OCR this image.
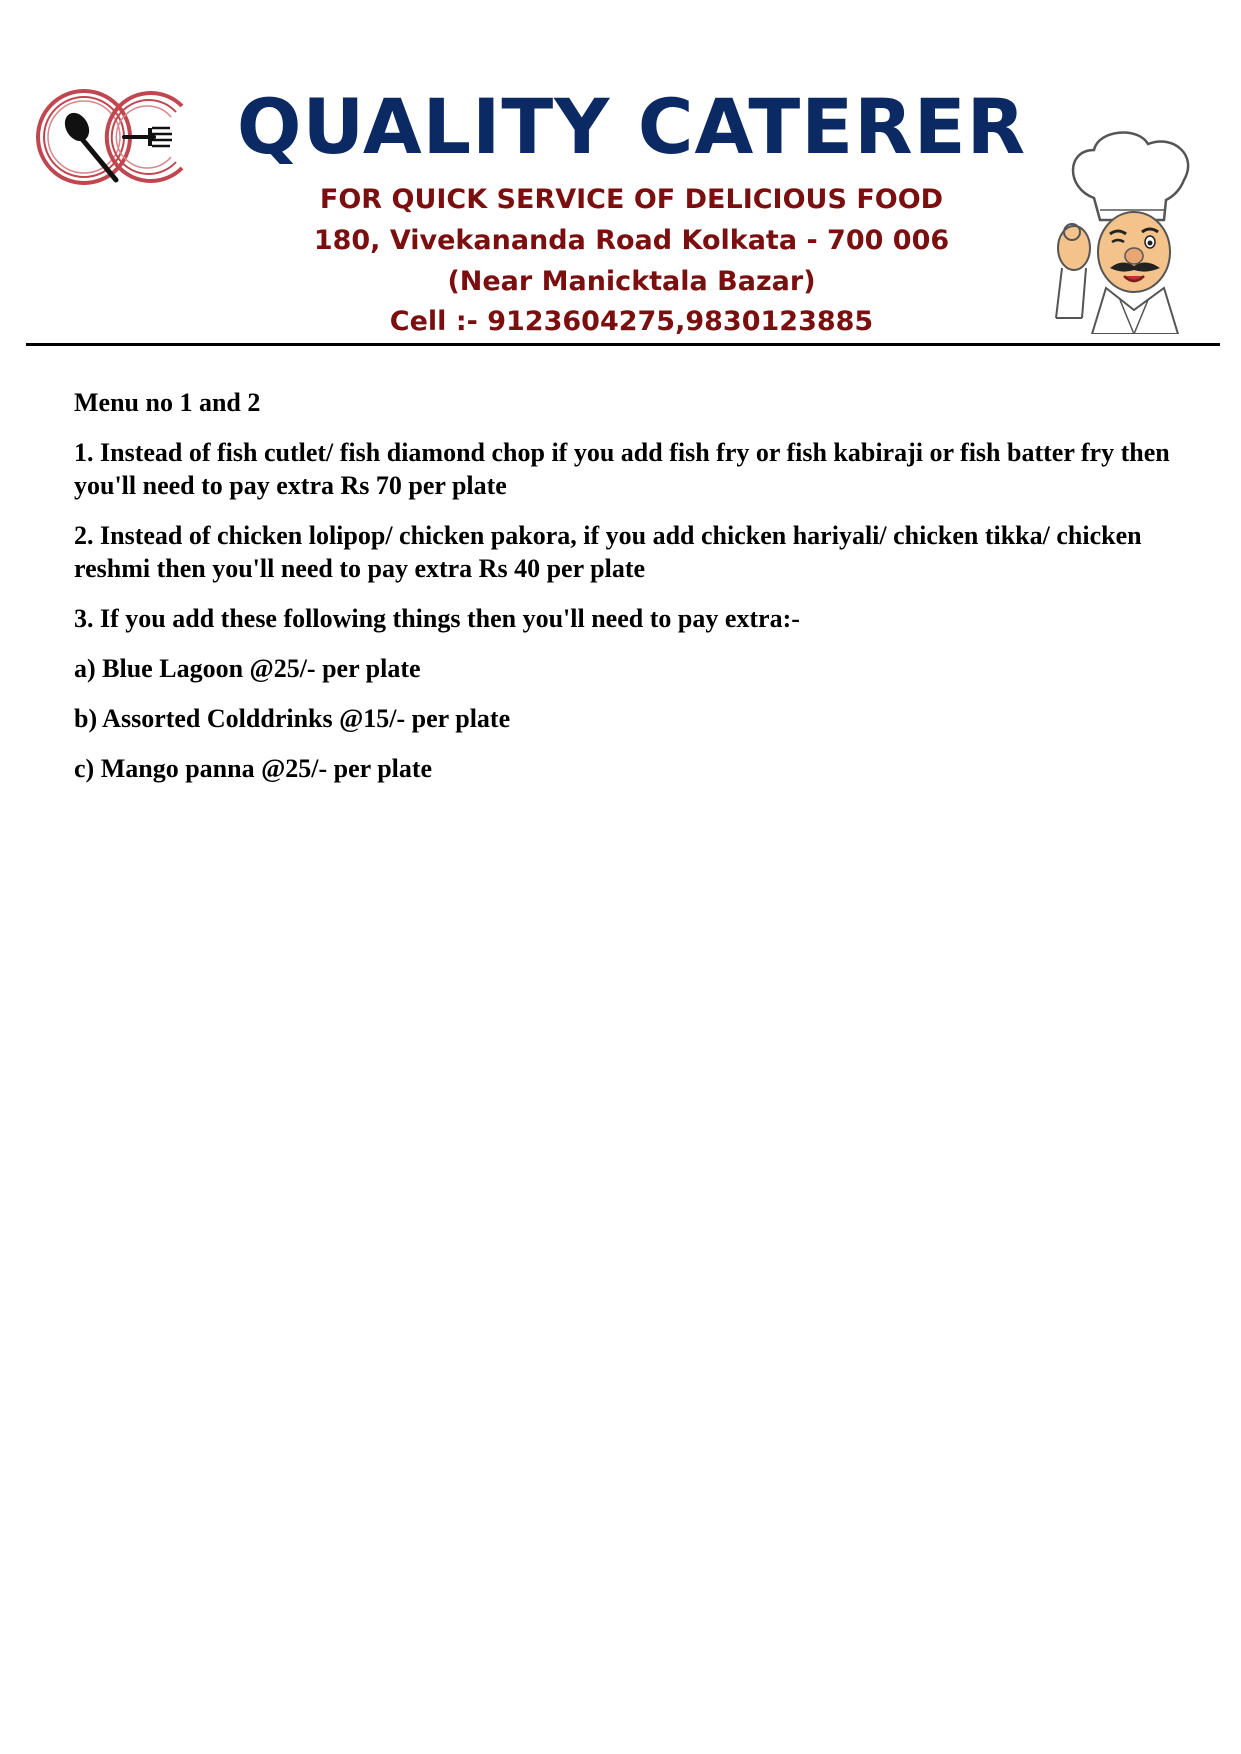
QUALITY CATERER

FOR QUICK SERVICE OF DELICIOUS FOOD

180, Vivekananda Road Kolkata - 700 006

(Near Manicktala Bazar)

Cell :- 9123604275,9830123885

Menu no 1 and 2

1. Instead of fish cutlet/ fish diamond chop if you add fish fry or fish kabiraji or fish batter fry then you'll need to pay extra Rs 70 per plate

2. Instead of chicken lolipop/ chicken pakora, if you add chicken hariyali/ chicken tikka/ chicken reshmi then you'll need to pay extra Rs 40 per plate

3. If you add these following things then you'll need to pay extra:-

a) Blue Lagoon @25/- per plate

b) Assorted Colddrinks @15/- per plate

c) Mango panna @25/- per plate
